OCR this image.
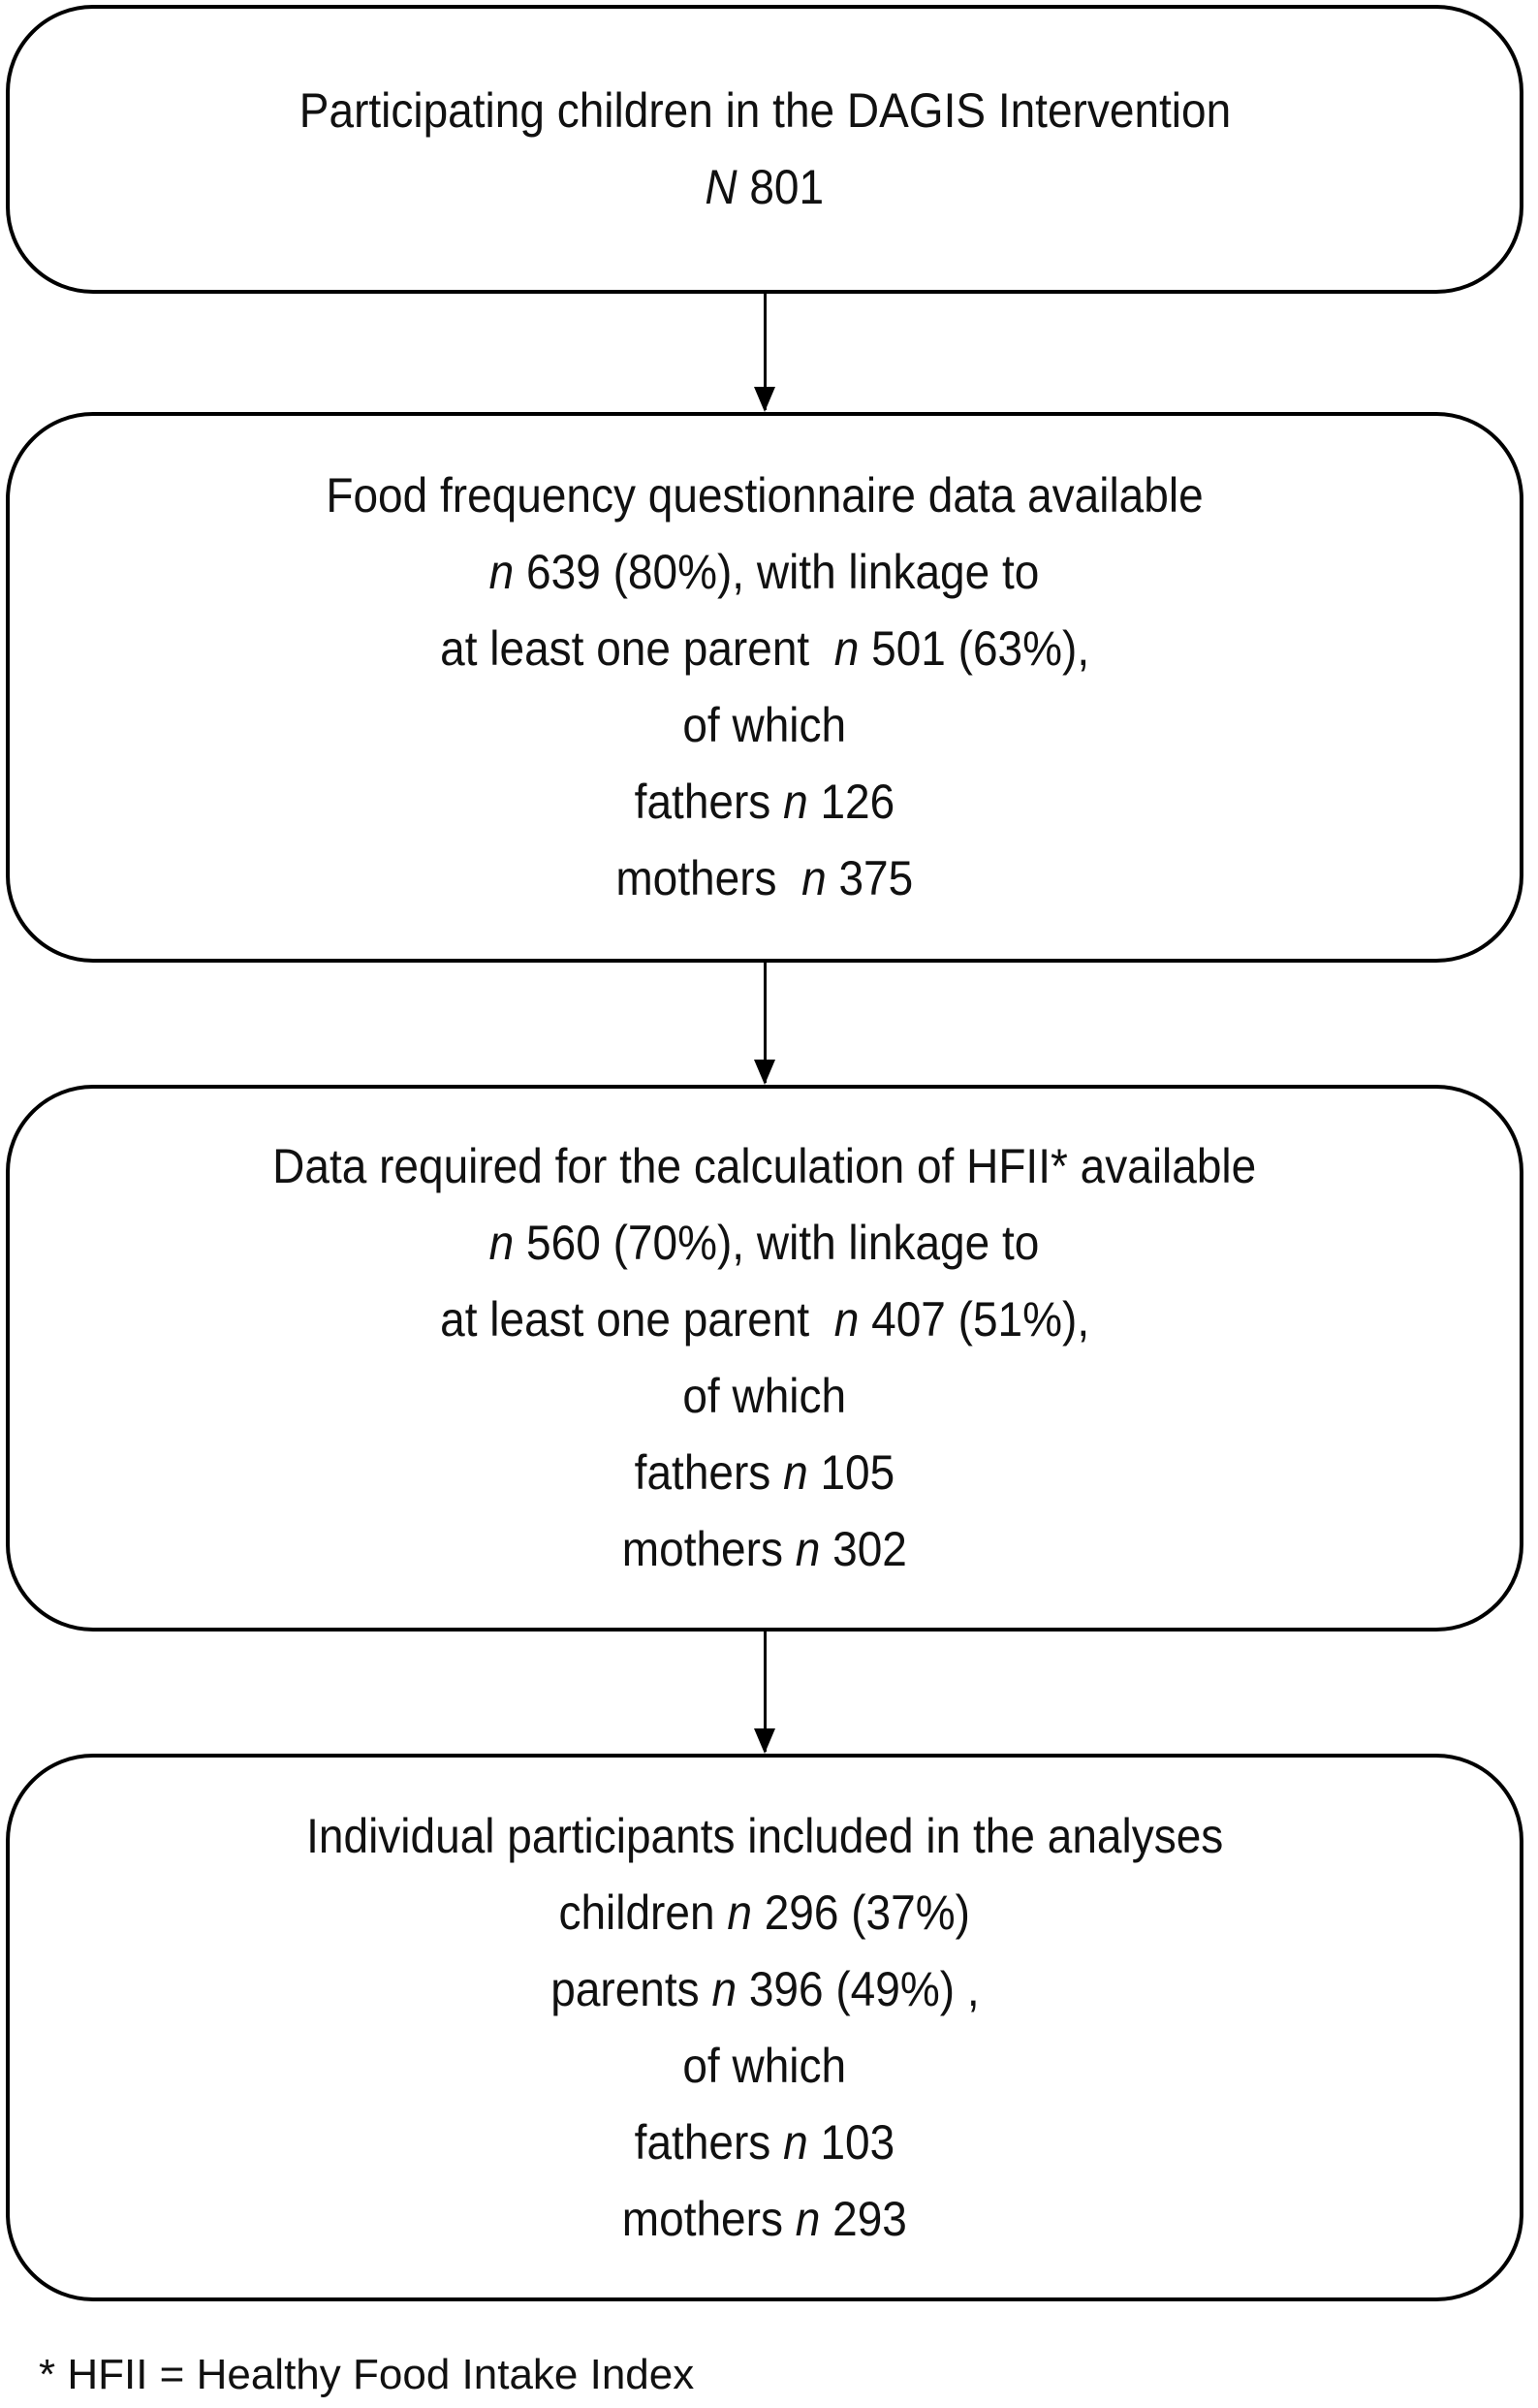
Participating children in the DAGIS Intervention
N 801
Food frequency questionnaire data available
n 639 (80%), with linkage to
at least one parent  n 501 (63%),
of which
fathers n 126
mothers  n 375
Data required for the calculation of HFII* available
n 560 (70%), with linkage to
at least one parent  n 407 (51%),
of which
fathers n 105
mothers n 302
Individual participants included in the analyses
children n 296 (37%)
parents n 396 (49%) ,
of which
fathers n 103
mothers n 293
* HFII = Healthy Food Intake Index
